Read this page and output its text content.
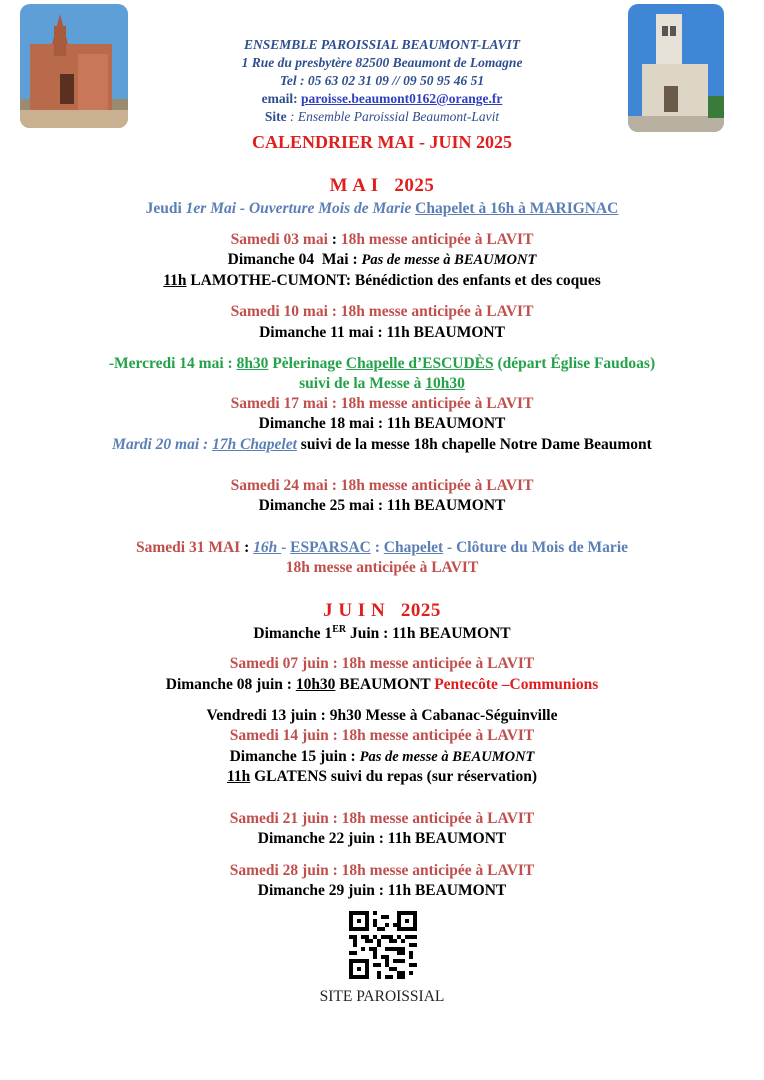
ENSEMBLE PAROISSIAL BEAUMONT-LAVIT
1 Rue du presbytère 82500 Beaumont de Lomagne
Tel : 05 63 02 31 09 // 09 50 95 46 51
email: paroisse.beaumont0162@orange.fr
Site : Ensemble Paroissial Beaumont-Lavit
CALENDRIER MAI - JUIN 2025
M A I   2025
Jeudi 1er Mai - Ouverture Mois de Marie Chapelet à 16h à MARIGNAC
Samedi 03 mai : 18h messe anticipée à LAVIT
Dimanche 04  Mai : Pas de messe à BEAUMONT
11h LAMOTHE-CUMONT: Bénédiction des enfants et des coques
Samedi 10 mai : 18h messe anticipée à LAVIT
Dimanche 11 mai : 11h BEAUMONT
-Mercredi 14 mai : 8h30 Pèlerinage Chapelle d’ESCUDÈS (départ Église Faudoas)
suivi de la Messe à 10h30
Samedi 17 mai : 18h messe anticipée à LAVIT
Dimanche 18 mai : 11h BEAUMONT
Mardi 20 mai : 17h Chapelet suivi de la messe 18h chapelle Notre Dame Beaumont
Samedi 24 mai : 18h messe anticipée à LAVIT
Dimanche 25 mai : 11h BEAUMONT
Samedi 31 MAI : 16h - ESPARSAC : Chapelet - Clôture du Mois de Marie
18h messe anticipée à LAVIT
J U I N   2025
Dimanche 1ER Juin : 11h BEAUMONT
Samedi 07 juin : 18h messe anticipée à LAVIT
Dimanche 08 juin : 10h30 BEAUMONT Pentecôte –Communions
Vendredi 13 juin : 9h30 Messe à Cabanac-Séguinville
Samedi 14 juin : 18h messe anticipée à LAVIT
Dimanche 15 juin : Pas de messe à BEAUMONT
11h GLATENS suivi du repas (sur réservation)
Samedi 21 juin : 18h messe anticipée à LAVIT
Dimanche 22 juin : 11h BEAUMONT
Samedi 28 juin : 18h messe anticipée à LAVIT
Dimanche 29 juin : 11h BEAUMONT
SITE PAROISSIAL
